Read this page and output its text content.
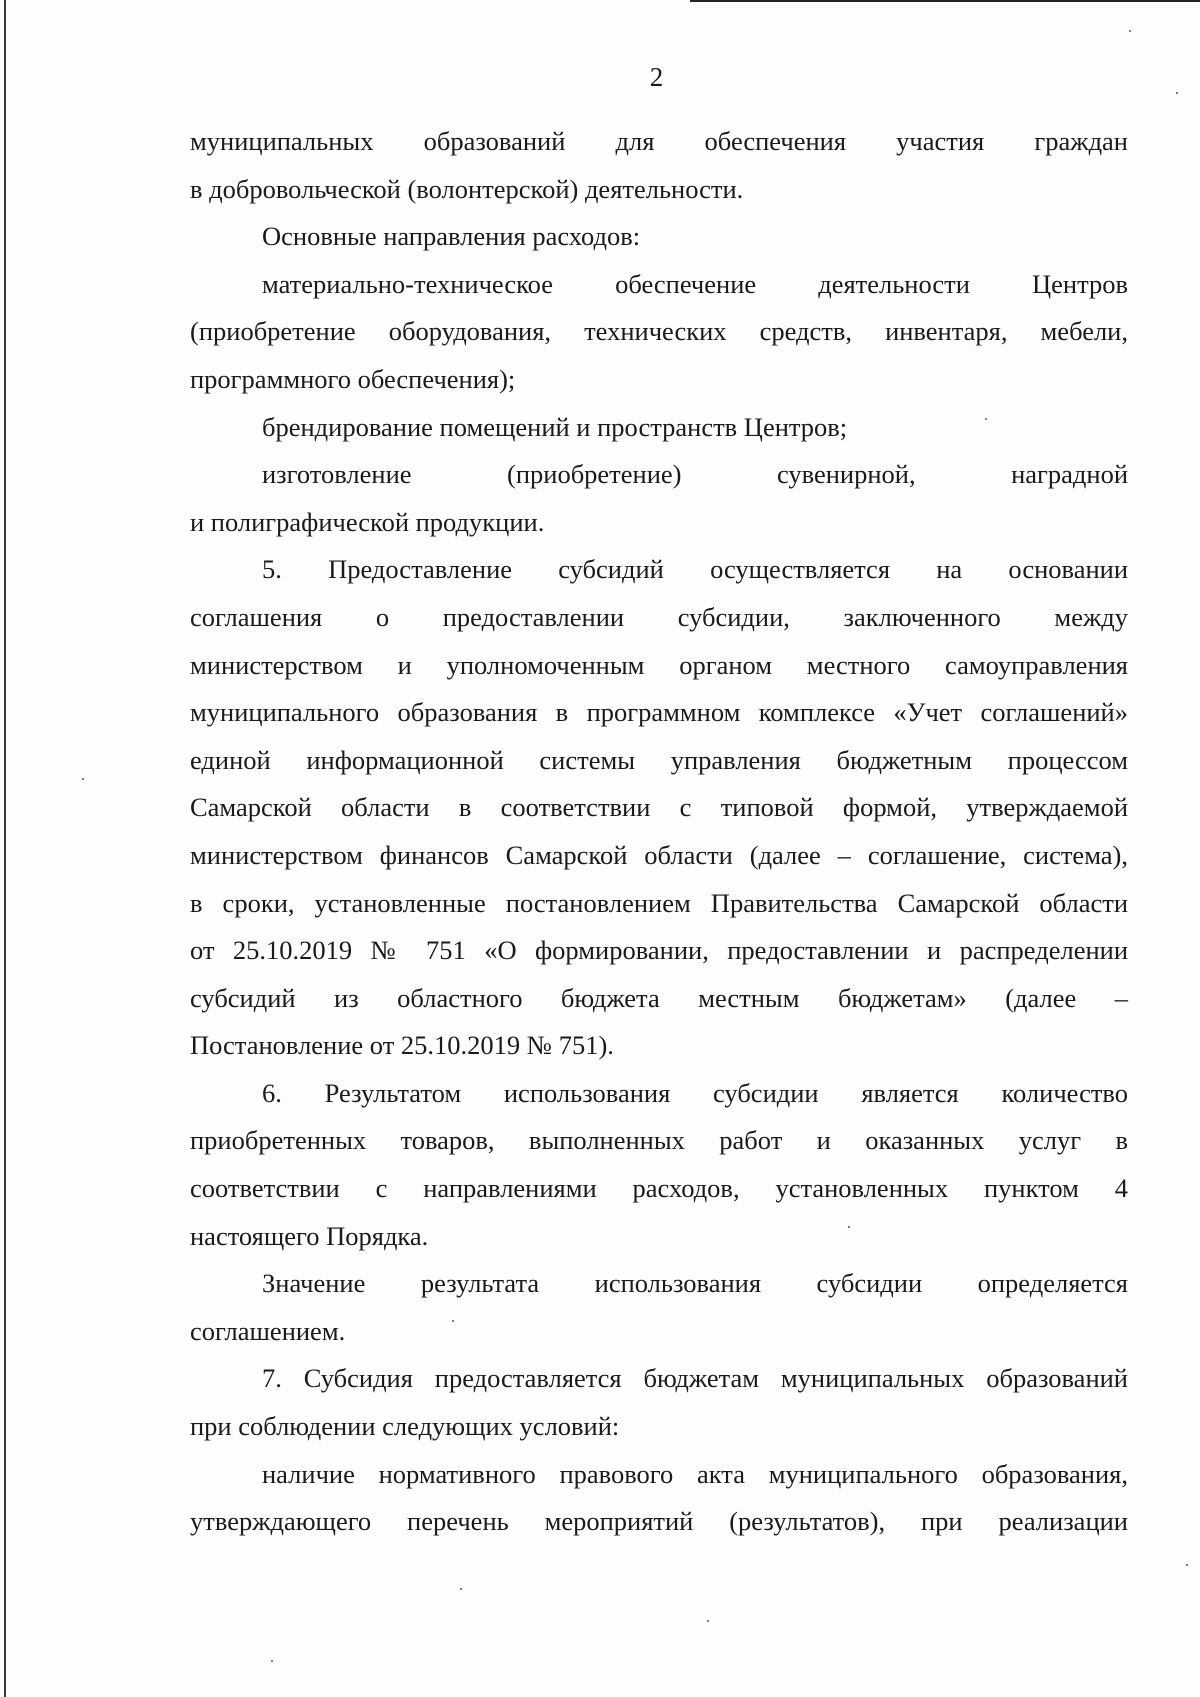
2
муниципальных образований для обеспечения участия граждан
в добровольческой (волонтерской) деятельности.
Основные направления расходов:
материально-техническое обеспечение деятельности Центров
(приобретение оборудования, технических средств, инвентаря, мебели,
программного обеспечения);
брендирование помещений и пространств Центров;
изготовление (приобретение) сувенирной, наградной
и полиграфической продукции.
5. Предоставление субсидий осуществляется на основании
соглашения о предоставлении субсидии, заключенного между
министерством и уполномоченным органом местного самоуправления
муниципального образования в программном комплексе «Учет соглашений»
единой информационной системы управления бюджетным процессом
Самарской области в соответствии с типовой формой, утверждаемой
министерством финансов Самарской области (далее – соглашение, система),
в сроки, установленные постановлением Правительства Самарской области
от 25.10.2019 № 751 «О формировании, предоставлении и распределении
субсидий из областного бюджета местным бюджетам» (далее –
Постановление от 25.10.2019 № 751).
6. Результатом использования субсидии является количество
приобретенных товаров, выполненных работ и оказанных услуг в
соответствии с направлениями расходов, установленных пунктом 4
настоящего Порядка.
Значение результата использования субсидии определяется
соглашением.
7. Субсидия предоставляется бюджетам муниципальных образований
при соблюдении следующих условий:
наличие нормативного правового акта муниципального образования,
утверждающего перечень мероприятий (результатов), при реализации
